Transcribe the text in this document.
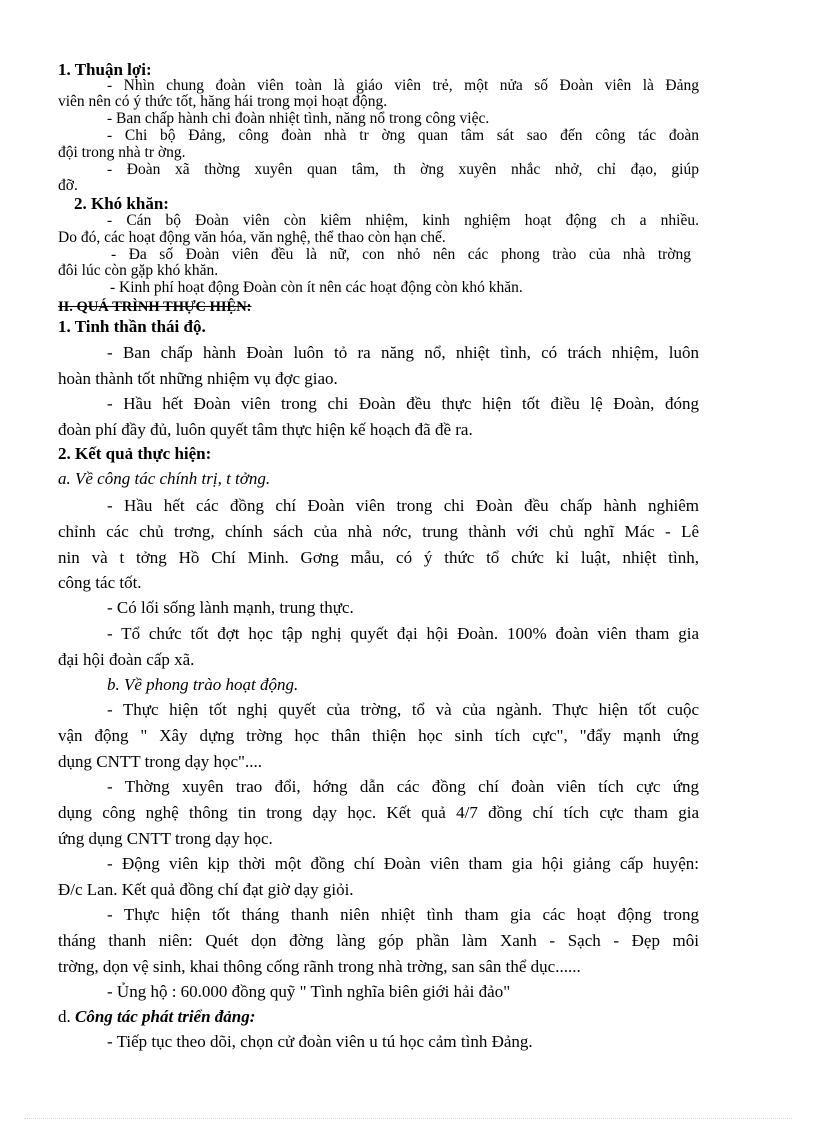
1. Thuận lợi:

- Nhìn chung đoàn viên toàn là giáo viên trẻ, một nửa số Đoàn viên là Đảng

viên nên có ý thức tốt, hăng hái trong mọi hoạt động.

- Ban chấp hành chi đoàn nhiệt tình, năng nổ trong công việc.

- Chi bộ Đảng, công đoàn nhà tr ờng quan tâm sát sao đến công tác đoàn

đội trong nhà tr ờng.

- Đoàn xã thờng xuyên quan tâm, th ờng xuyên nhắc nhở, chỉ đạo, giúp

đỡ.

2. Khó khăn:

- Cán bộ Đoàn viên còn kiêm nhiệm, kinh nghiệm hoạt động ch a nhiều.

Do đó, các hoạt động văn hóa, văn nghệ, thể thao còn hạn chế.

- Đa số Đoàn viên đều là nữ, con nhỏ nên các phong trào của nhà trờng

đôi lúc còn gặp khó khăn.

- Kinh phí hoạt động Đoàn còn ít nên các hoạt động còn khó khăn.

II. QUÁ TRÌNH THỰC HIỆN:

1. Tinh thần thái độ.

- Ban chấp hành Đoàn luôn tỏ ra năng nổ, nhiệt tình, có trách nhiệm, luôn

hoàn thành tốt những nhiệm vụ đợc giao.

- Hầu hết Đoàn viên trong chi Đoàn đều thực hiện tốt điều lệ Đoàn, đóng

đoàn phí đầy đủ, luôn quyết tâm thực hiện kế hoạch đã đề ra.

2. Kết quả thực hiện:

a. Về công tác chính trị, t tởng.

- Hầu hết các đồng chí Đoàn viên trong chi Đoàn đều chấp hành nghiêm

chỉnh các chủ trơng, chính sách của nhà nớc, trung thành với chủ nghĩ Mác - Lê

nin và t tởng Hồ Chí Minh. Gơng mẫu, có ý thức tổ chức kỉ luật, nhiệt tình,

công tác tốt.

- Có lối sống lành mạnh, trung thực.

- Tổ chức tốt đợt học tập nghị quyết đại hội Đoàn. 100% đoàn viên tham gia

đại hội đoàn cấp xã.

b. Về phong trào hoạt động.

- Thực hiện tốt nghị quyết của trờng, tổ và của ngành. Thực hiện tốt cuộc

vận động " Xây dựng trờng học thân thiện học sinh tích cực", "đẩy mạnh ứng

dụng CNTT trong dạy học"....

- Thờng xuyên trao đổi, hớng dẫn các đồng chí đoàn viên tích cực ứng

dụng công nghệ thông tin trong dạy học. Kết quả 4/7 đồng chí tích cực tham gia

ứng dụng CNTT trong dạy học.

- Động viên kịp thời một đồng chí Đoàn viên tham gia hội giảng cấp huyện:

Đ/c Lan. Kết quả đồng chí đạt giờ dạy giỏi.

- Thực hiện tốt tháng thanh niên nhiệt tình tham gia các hoạt động trong

tháng thanh niên: Quét dọn đờng làng góp phần làm Xanh - Sạch - Đẹp môi

trờng, dọn vệ sinh, khai thông cống rãnh trong nhà trờng, san sân thể dục......

- Ủng hộ : 60.000 đồng quỹ " Tình nghĩa biên giới hải đảo"

d. Công tác phát triển đảng:

- Tiếp tục theo dõi, chọn cử đoàn viên u tú học cảm tình Đảng.
